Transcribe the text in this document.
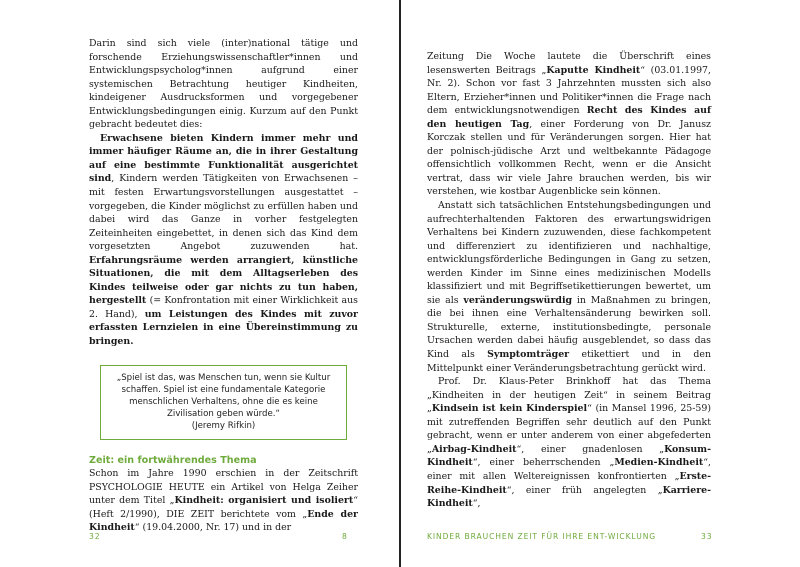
Darin sind sich viele (inter)national tätige und forschende Erziehungswissenschaftler*innen und Entwicklungspsycholog*innen aufgrund einer systemischen Betrachtung heutiger Kindheiten, kindeigener Ausdrucksformen und vorgegebener Entwicklungsbedingungen einig. Kurzum auf den Punkt gebracht bedeutet dies:

Erwachsene bieten Kindern immer mehr und immer häufiger Räume an, die in ihrer Gestaltung auf eine bestimmte Funktionalität ausgerichtet sind, Kindern werden Tätigkeiten von Erwachsenen – mit festen Erwartungsvorstellungen ausgestattet – vorgegeben, die Kinder möglichst zu erfüllen haben und dabei wird das Ganze in vorher festgelegten Zeiteinheiten eingebettet, in denen sich das Kind dem vorgesetzten Angebot zuzuwenden hat. Erfahrungsräume werden arrangiert, künstliche Situationen, die mit dem Alltagserleben des Kindes teilweise oder gar nichts zu tun haben, hergestellt (= Konfrontation mit einer Wirklichkeit aus 2. Hand), um Leistungen des Kindes mit zuvor erfassten Lernzielen in eine Übereinstimmung zu bringen.

„Spiel ist das, was Menschen tun, wenn sie Kultur
schaffen. Spiel ist eine fundamentale Kategorie
menschlichen Verhaltens, ohne die es keine
Zivilisation geben würde.“
(Jeremy Rifkin)
Zeit: ein fortwährendes Thema

Schon im Jahre 1990 erschien in der Zeitschrift PSYCHOLOGIE HEUTE ein Artikel von Helga Zeiher unter dem Titel „Kindheit: organisiert und isoliert“ (Heft 2/1990), DIE ZEIT berichtete vom „Ende der Kindheit“ (19.04.2000, Nr. 17) und in der

32	8

Zeitung Die Woche lautete die Überschrift eines lesenswerten Beitrags „Kaputte Kindheit“ (03.01.1997, Nr. 2). Schon vor fast 3 Jahrzehnten mussten sich also Eltern, Erzieher*innen und Politiker*innen die Frage nach dem entwicklungsnotwendigen Recht des Kindes auf den heutigen Tag, einer Forderung von Dr. Janusz Korczak stellen und für Veränderungen sorgen. Hier hat der polnisch-jüdische Arzt und weltbekannte Pädagoge offensichtlich vollkommen Recht, wenn er die Ansicht vertrat, dass wir viele Jahre brauchen werden, bis wir verstehen, wie kostbar Augenblicke sein können.

Anstatt sich tatsächlichen Entstehungsbedingungen und aufrechterhaltenden Faktoren des erwartungswidrigen Verhaltens bei Kindern zuzuwenden, diese fachkompetent und differenziert zu identifizieren und nachhaltige, entwicklungsförderliche Bedingungen in Gang zu setzen, werden Kinder im Sinne eines medizinischen Modells klassifiziert und mit Begriffsetikettierungen bewertet, um sie als veränderungswürdig in Maßnahmen zu bringen, die bei ihnen eine Verhaltensänderung bewirken soll. Strukturelle, externe, institutionsbedingte, personale Ursachen werden dabei häufig ausgeblendet, so dass das Kind als Symptomträger etikettiert und in den Mittelpunkt einer Veränderungsbetrachtung gerückt wird.

Prof. Dr. Klaus-Peter Brinkhoff hat das Thema „Kindheiten in der heutigen Zeit“ in seinem Beitrag „Kindsein ist kein Kinderspiel“ (in Mansel 1996, 25-59) mit zutreffenden Begriffen sehr deutlich auf den Punkt gebracht, wenn er unter anderem von einer abgefederten „Airbag-Kindheit“, einer gnadenlosen „Konsum-Kindheit“, einer beherrschenden „Medien-Kindheit“, einer mit allen Weltereignissen konfrontierten „Erste-Reihe-Kindheit“, einer früh angelegten „Karriere-Kindheit“,

KINDER BRAUCHEN ZEIT FÜR IHRE ENT-WICKLUNG	33
